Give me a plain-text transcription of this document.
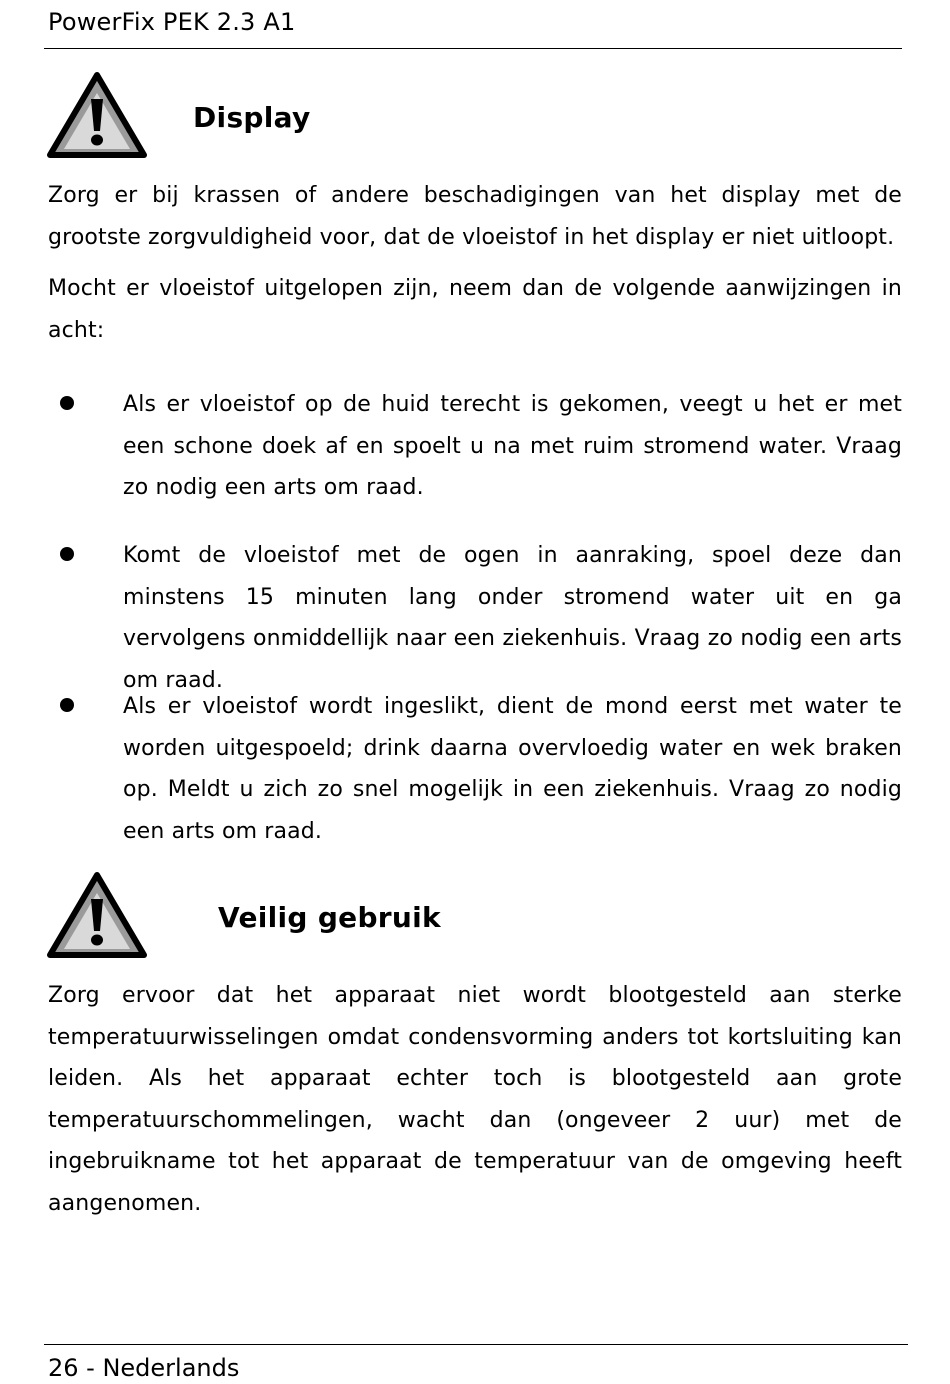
PowerFix PEK 2.3 A1
Display
Zorg er bij krassen of andere beschadigingen van het display met de grootste zorgvuldigheid voor, dat de vloeistof in het display er niet uitloopt.
Mocht er vloeistof uitgelopen zijn, neem dan de volgende aanwijzingen in acht:
Als er vloeistof op de huid terecht is gekomen, veegt u het er met een schone doek af en spoelt u na met ruim stromend water. Vraag zo nodig een arts om raad.
Komt de vloeistof met de ogen in aanraking, spoel deze dan minstens 15 minuten lang onder stromend water uit en ga vervolgens onmiddellijk naar een ziekenhuis. Vraag zo nodig een arts om raad.
Als er vloeistof wordt ingeslikt, dient de mond eerst met water te worden uitgespoeld; drink daarna overvloedig water en wek braken op. Meldt u zich zo snel mogelijk in een ziekenhuis. Vraag zo nodig een arts om raad.
Veilig gebruik
Zorg ervoor dat het apparaat niet wordt blootgesteld aan sterke temperatuurwisselingen omdat condensvorming anders tot kortsluiting kan leiden. Als het apparaat echter toch is blootgesteld aan grote temperatuurschommelingen, wacht dan (ongeveer 2 uur) met de ingebruikname tot het apparaat de temperatuur van de omgeving heeft aangenomen.
26 - Nederlands
